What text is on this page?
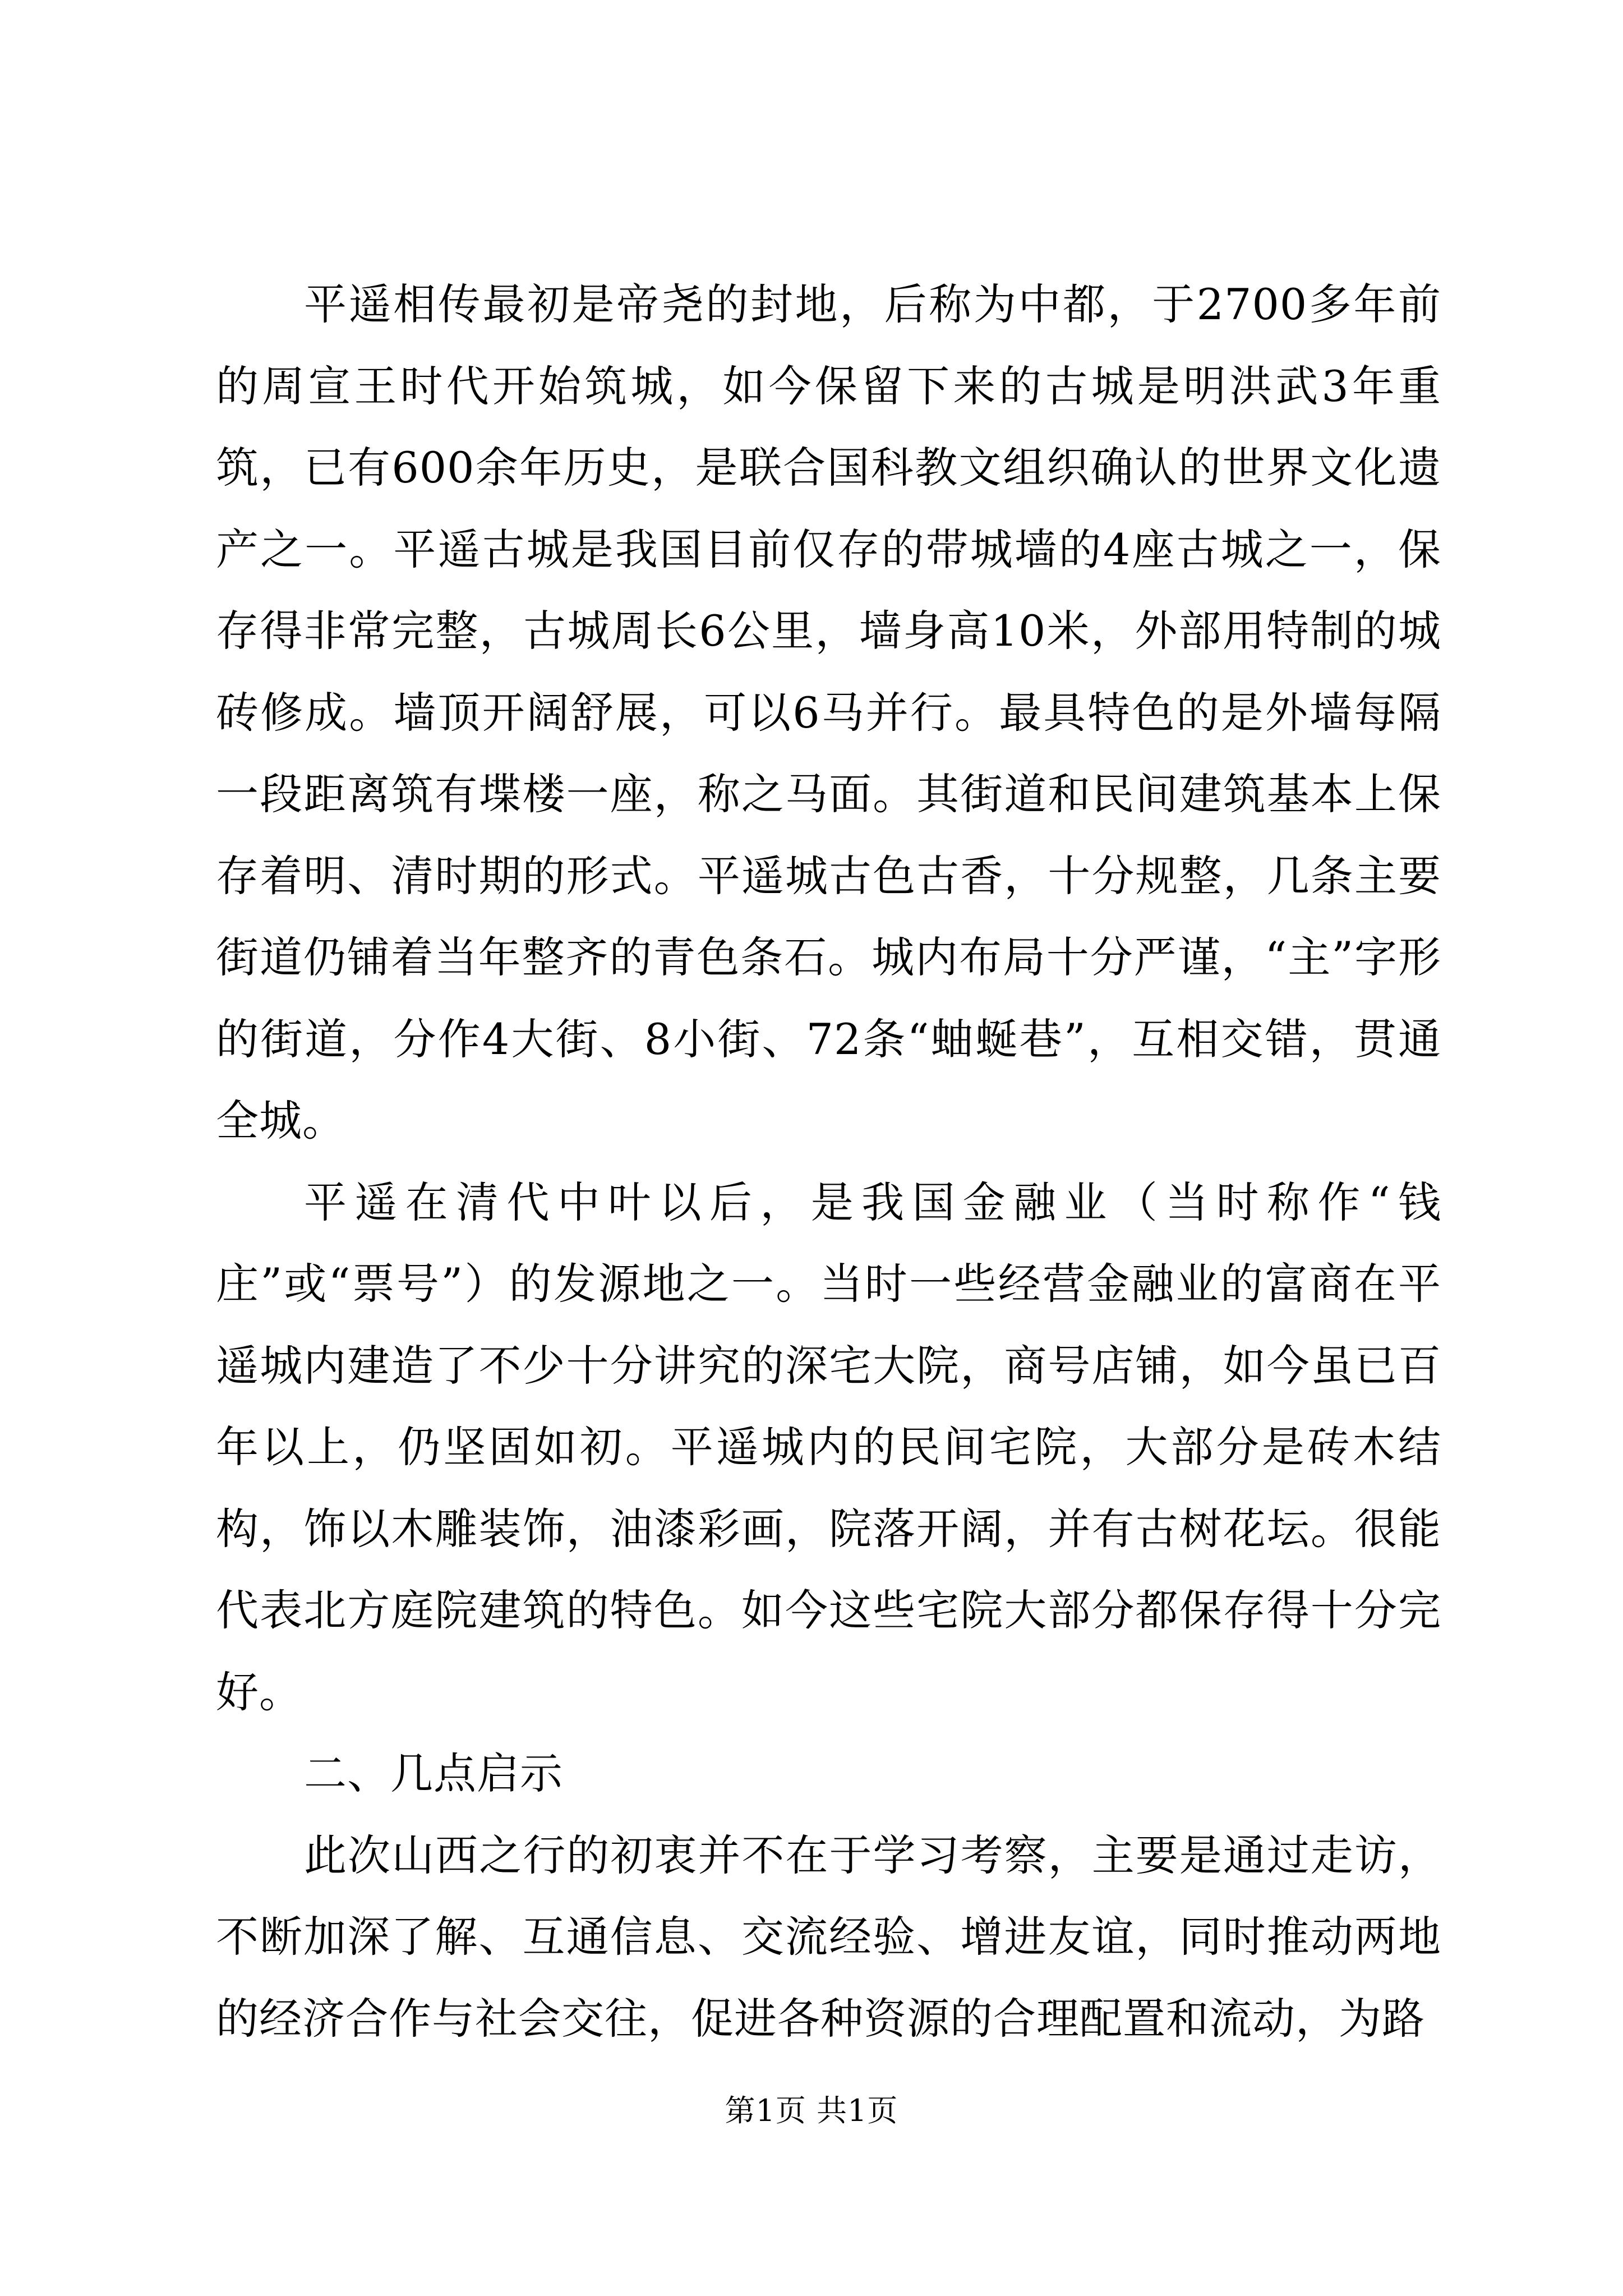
平遥相传最初是帝尧的封地，后称为中都，于2700多年前的周宣王时代开始筑城，如今保留下来的古城是明洪武3年重筑，已有600余年历史，是联合国科教文组织确认的世界文化遗产之一。平遥古城是我国目前仅存的带城墙的4座古城之一，保存得非常完整，古城周长6公里，墙身高10米，外部用特制的城砖修成。墙顶开阔舒展，可以6马并行。最具特色的是外墙每隔一段距离筑有堞楼一座，称之马面。其街道和民间建筑基本上保存着明、清时期的形式。平遥城古色古香，十分规整，几条主要街道仍铺着当年整齐的青色条石。城内布局十分严谨，“主”字形的街道，分作4大街、8小街、72条“蚰蜒巷”，互相交错，贯通全城。

平遥在清代中叶以后，是我国金融业（当时称作“钱庄”或“票号”）的发源地之一。当时一些经营金融业的富商在平遥城内建造了不少十分讲究的深宅大院，商号店铺，如今虽已百年以上，仍坚固如初。平遥城内的民间宅院，大部分是砖木结构，饰以木雕装饰，油漆彩画，院落开阔，并有古树花坛。很能代表北方庭院建筑的特色。如今这些宅院大部分都保存得十分完好。

二、几点启示

此次山西之行的初衷并不在于学习考察，主要是通过走访，不断加深了解、互通信息、交流经验、增进友谊，同时推动两地的经济合作与社会交往，促进各种资源的合理配置和流动，为路

第1页 共1页
